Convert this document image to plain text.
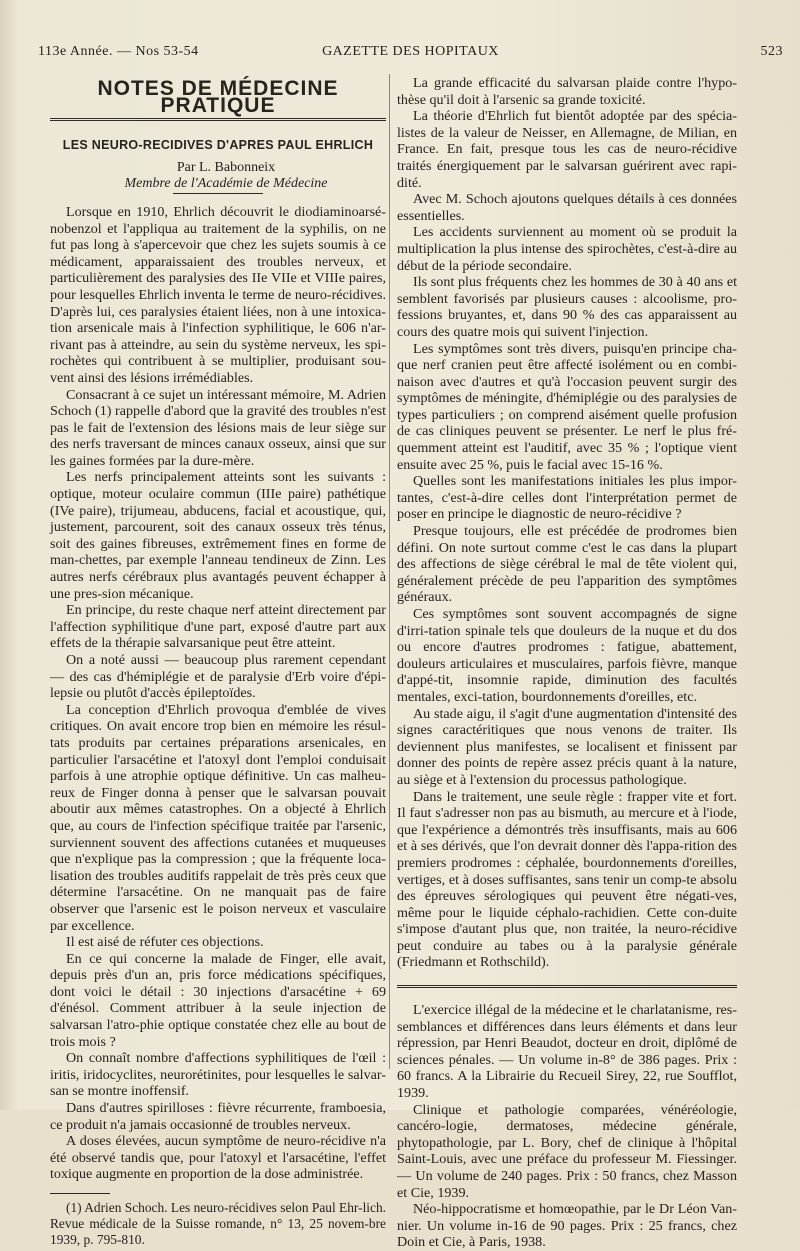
113e Année. — Nos 53-54	GAZETTE DES HOPITAUX	523
NOTES DE MÉDECINE PRATIQUE
LES NEURO-RECIDIVES D'APRES PAUL EHRLICH

Par L. Babonneix

Membre de l'Académie de Médecine

Lorsque en 1910, Ehrlich découvrit le diodiaminoarsé-nobenzol et l'appliqua au traitement de la syphilis, on ne fut pas long à s'apercevoir que chez les sujets soumis à ce médicament, apparaissaient des troubles nerveux, et particulièrement des paralysies des IIe VIIe et VIIIe paires, pour lesquelles Ehrlich inventa le terme de neuro-récidives. D'après lui, ces paralysies étaient liées, non à une intoxica-tion arsenicale mais à l'infection syphilitique, le 606 n'ar-rivant pas à atteindre, au sein du système nerveux, les spi-rochètes qui contribuent à se multiplier, produisant sou-vent ainsi des lésions irrémédiables.

Consacrant à ce sujet un intéressant mémoire, M. Adrien Schoch (1) rappelle d'abord que la gravité des troubles n'est pas le fait de l'extension des lésions mais de leur siège sur des nerfs traversant de minces canaux osseux, ainsi que sur les gaines formées par la dure-mère.

Les nerfs principalement atteints sont les suivants : optique, moteur oculaire commun (IIIe paire) pathétique (IVe paire), trijumeau, abducens, facial et acoustique, qui, justement, parcourent, soit des canaux osseux très ténus, soit des gaines fibreuses, extrêmement fines en forme de man-chettes, par exemple l'anneau tendineux de Zinn. Les autres nerfs cérébraux plus avantagés peuvent échapper à une pres-sion mécanique.

En principe, du reste chaque nerf atteint directement par l'affection syphilitique d'une part, exposé d'autre part aux effets de la thérapie salvarsanique peut être atteint.

On a noté aussi — beaucoup plus rarement cependant — des cas d'hémiplégie et de paralysie d'Erb voire d'épi-lepsie ou plutôt d'accès épileptoïdes.

La conception d'Ehrlich provoqua d'emblée de vives critiques. On avait encore trop bien en mémoire les résul-tats produits par certaines préparations arsenicales, en particulier l'arsacétine et l'atoxyl dont l'emploi conduisait parfois à une atrophie optique définitive. Un cas malheu-reux de Finger donna à penser que le salvarsan pouvait aboutir aux mêmes catastrophes. On a objecté à Ehrlich que, au cours de l'infection spécifique traitée par l'arsenic, surviennent souvent des affections cutanées et muqueuses que n'explique pas la compression ; que la fréquente loca-lisation des troubles auditifs rappelait de très près ceux que détermine l'arsacétine. On ne manquait pas de faire observer que l'arsenic est le poison nerveux et vasculaire par excellence.

Il est aisé de réfuter ces objections.

En ce qui concerne la malade de Finger, elle avait, depuis près d'un an, pris force médications spécifiques, dont voici le détail : 30 injections d'arsacétine + 69 d'énésol. Comment attribuer à la seule injection de salvarsan l'atro-phie optique constatée chez elle au bout de trois mois ?

On connaît nombre d'affections syphilitiques de l'œil : iritis, iridocyclites, neurorétinites, pour lesquelles le salvar-san se montre inoffensif.

Dans d'autres spirilloses : fièvre récurrente, framboesia, ce produit n'a jamais occasionné de troubles nerveux.

A doses élevées, aucun symptôme de neuro-récidive n'a été observé tandis que, pour l'atoxyl et l'arsacétine, l'effet toxique augmente en proportion de la dose administrée.

(1) Adrien Schoch. Les neuro-récidives selon Paul Ehr-lich. Revue médicale de la Suisse romande, n° 13, 25 novem-bre 1939, p. 795-810.

La grande efficacité du salvarsan plaide contre l'hypo-thèse qu'il doit à l'arsenic sa grande toxicité.

La théorie d'Ehrlich fut bientôt adoptée par des spécia-listes de la valeur de Neisser, en Allemagne, de Milian, en France. En fait, presque tous les cas de neuro-récidive traités énergiquement par le salvarsan guérirent avec rapi-dité.

Avec M. Schoch ajoutons quelques détails à ces données essentielles.

Les accidents surviennent au moment où se produit la multiplication la plus intense des spirochètes, c'est-à-dire au début de la période secondaire.

Ils sont plus fréquents chez les hommes de 30 à 40 ans et semblent favorisés par plusieurs causes : alcoolisme, pro-fessions bruyantes, et, dans 90 % des cas apparaissent au cours des quatre mois qui suivent l'injection.

Les symptômes sont très divers, puisqu'en principe cha-que nerf cranien peut être affecté isolément ou en combi-naison avec d'autres et qu'à l'occasion peuvent surgir des symptômes de méningite, d'hémiplégie ou des paralysies de types particuliers ; on comprend aisément quelle profusion de cas cliniques peuvent se présenter. Le nerf le plus fré-quemment atteint est l'auditif, avec 35 % ; l'optique vient ensuite avec 25 %, puis le facial avec 15-16 %.

Quelles sont les manifestations initiales les plus impor-tantes, c'est-à-dire celles dont l'interprétation permet de poser en principe le diagnostic de neuro-récidive ?

Presque toujours, elle est précédée de prodromes bien défini. On note surtout comme c'est le cas dans la plupart des affections de siège cérébral le mal de tête violent qui, généralement précède de peu l'apparition des symptômes généraux.

Ces symptômes sont souvent accompagnés de signe d'irri-tation spinale tels que douleurs de la nuque et du dos ou encore d'autres prodromes : fatigue, abattement, douleurs articulaires et musculaires, parfois fièvre, manque d'appé-tit, insomnie rapide, diminution des facultés mentales, exci-tation, bourdonnements d'oreilles, etc.

Au stade aigu, il s'agit d'une augmentation d'intensité des signes caractéritiques que nous venons de traiter. Ils deviennent plus manifestes, se localisent et finissent par donner des points de repère assez précis quant à la nature, au siège et à l'extension du processus pathologique.

Dans le traitement, une seule règle : frapper vite et fort. Il faut s'adresser non pas au bismuth, au mercure et à l'iode, que l'expérience a démontrés très insuffisants, mais au 606 et à ses dérivés, que l'on devrait donner dès l'appa-rition des premiers prodromes : céphalée, bourdonnements d'oreilles, vertiges, et à doses suffisantes, sans tenir un comp-te absolu des épreuves sérologiques qui peuvent être négati-ves, même pour le liquide céphalo-rachidien. Cette con-duite s'impose d'autant plus que, non traitée, la neuro-récidive peut conduire au tabes ou à la paralysie générale (Friedmann et Rothschild).

L'exercice illégal de la médecine et le charlatanisme, res-semblances et différences dans leurs éléments et dans leur répression, par Henri Beaudot, docteur en droit, diplômé de sciences pénales. — Un volume in-8° de 386 pages. Prix : 60 francs. A la Librairie du Recueil Sirey, 22, rue Soufflot, 1939.

Clinique et pathologie comparées, vénéréologie, cancéro-logie, dermatoses, médecine générale, phytopathologie, par L. Bory, chef de clinique à l'hôpital Saint-Louis, avec une préface du professeur M. Fiessinger. — Un volume de 240 pages. Prix : 50 francs, chez Masson et Cie, 1939.

Néo-hippocratisme et homœopathie, par le Dr Léon Van-nier. Un volume in-16 de 90 pages. Prix : 25 francs, chez Doin et Cie, à Paris, 1938.
